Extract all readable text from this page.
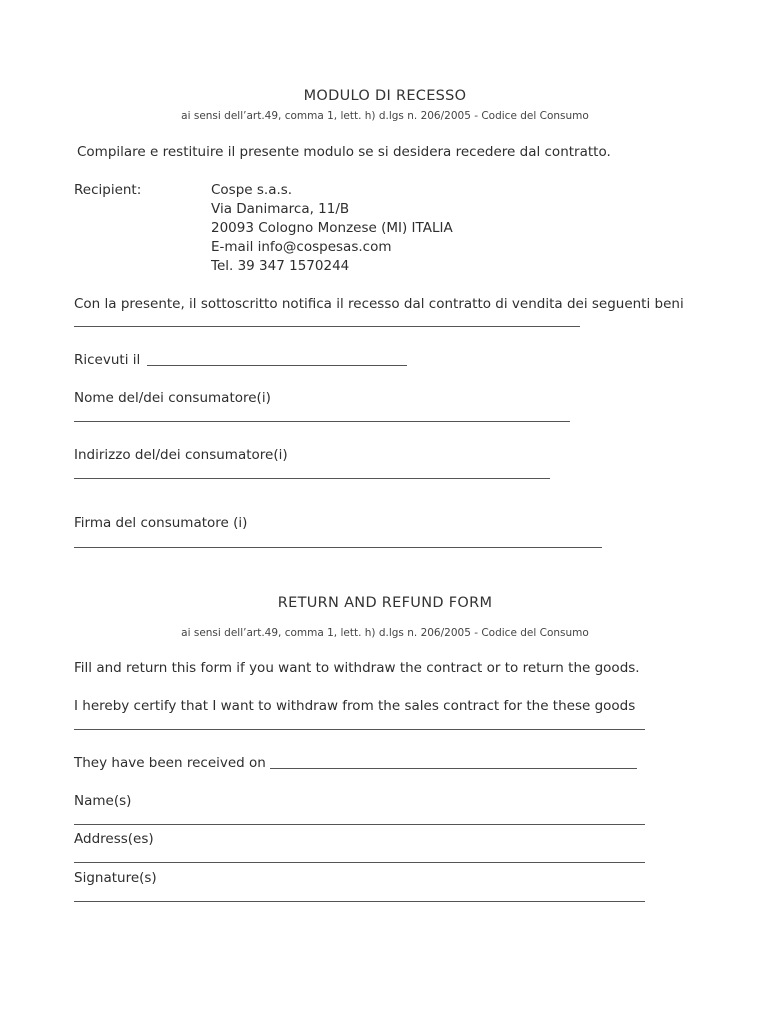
MODULO DI RECESSO
ai sensi dell’art.49, comma 1, lett. h) d.lgs n. 206/2005 - Codice del Consumo
Compilare e restituire il presente modulo se si desidera recedere dal contratto.
Recipient:	Cospe s.a.s.
Via Danimarca, 11/B
20093 Cologno Monzese (MI) ITALIA
E-mail info@cospesas.com
Tel. 39 347 1570244
Con la presente, il sottoscritto notifica il recesso dal contratto di vendita dei seguenti beni
Ricevuti il
Nome del/dei consumatore(i)
Indirizzo del/dei consumatore(i)
Firma del consumatore (i)
RETURN AND REFUND FORM
ai sensi dell’art.49, comma 1, lett. h) d.lgs n. 206/2005 - Codice del Consumo
Fill and return this form if you want to withdraw the contract or to return the goods.
I hereby certify that I want to withdraw from the sales contract for the these goods
They have been received on
Name(s)
Address(es)
Signature(s)
